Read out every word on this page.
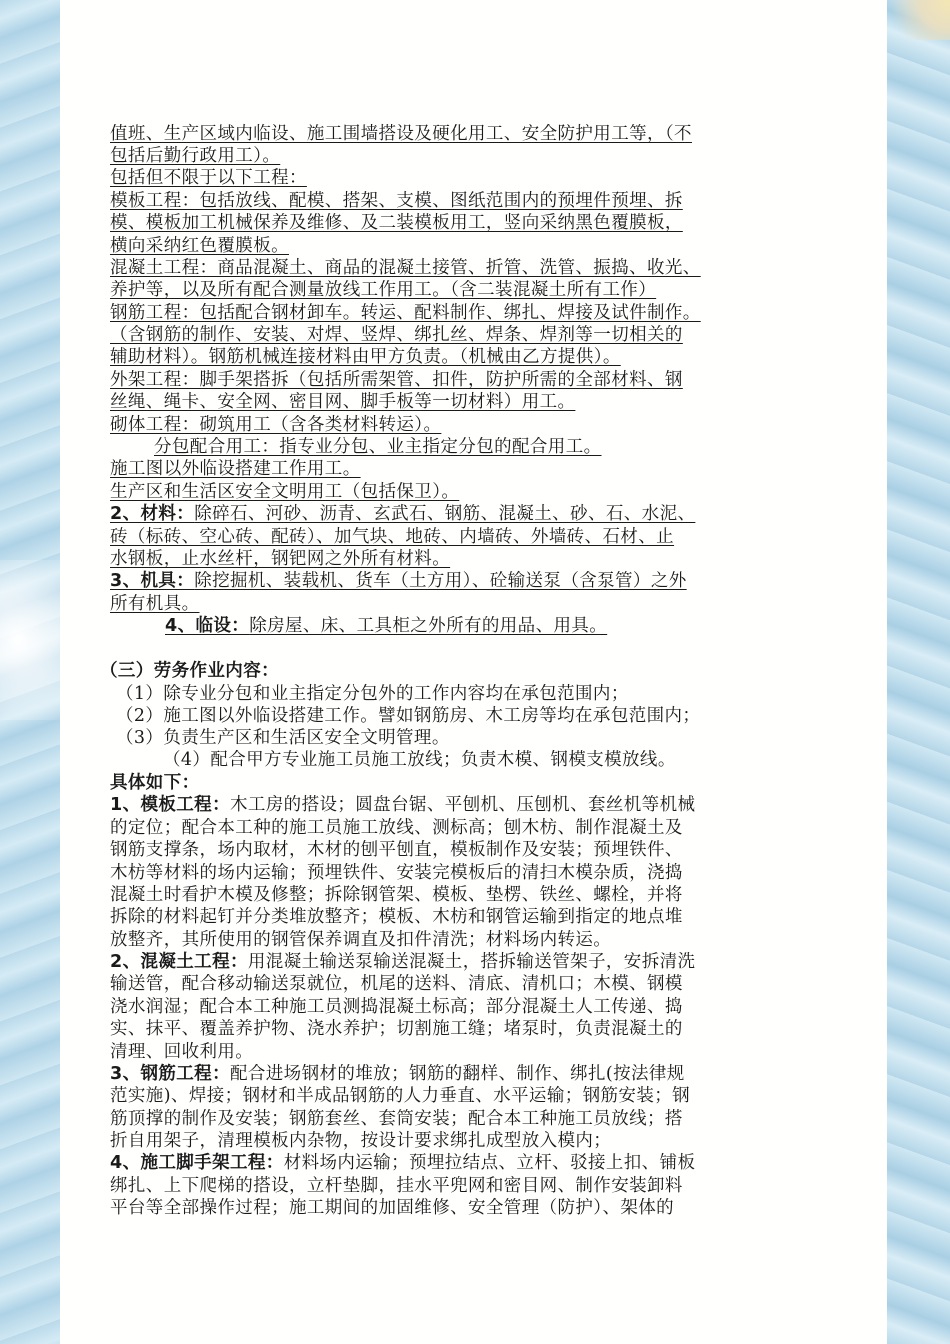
值班、生产区域内临设、施工围墙搭设及硬化用工、安全防护用工等，（不
包括后勤行政用工）。
包括但不限于以下工程：
模板工程：包括放线、配模、搭架、支模、图纸范围内的预埋件预埋、拆
模、模板加工机械保养及维修、及二装模板用工，竖向采纳黑色覆膜板，
横向采纳红色覆膜板。
混凝土工程：商品混凝土、商品的混凝土接管、折管、洗管、振捣、收光、
养护等，以及所有配合测量放线工作用工。（含二装混凝土所有工作）
钢筋工程：包括配合钢材卸车。转运、配料制作、绑扎、焊接及试件制作。
（含钢筋的制作、安装、对焊、竖焊、绑扎丝、焊条、焊剂等一切相关的
辅助材料）。钢筋机械连接材料由甲方负责。（机械由乙方提供）。
外架工程：脚手架搭拆（包括所需架管、扣件，防护所需的全部材料、钢
丝绳、绳卡、安全网、密目网、脚手板等一切材料）用工。
砌体工程：砌筑用工（含各类材料转运）。
分包配合用工：指专业分包、业主指定分包的配合用工。
施工图以外临设搭建工作用工。
生产区和生活区安全文明用工（包括保卫）。
2、材料：除碎石、河砂、沥青、玄武石、钢筋、混凝土、砂、石、水泥、
砖（标砖、空心砖、配砖）、加气块、地砖、内墙砖、外墙砖、石材、止
水钢板，止水丝杆，钢钯网之外所有材料。
3、机具：除挖掘机、装载机、货车（土方用）、砼输送泵（含泵管）之外
所有机具。
4、临设：除房屋、床、工具柜之外所有的用品、用具。
（三）劳务作业内容：
（1）除专业分包和业主指定分包外的工作内容均在承包范围内；
（2）施工图以外临设搭建工作。譬如钢筋房、木工房等均在承包范围内；
（3）负责生产区和生活区安全文明管理。
（4）配合甲方专业施工员施工放线；负责木模、钢模支模放线。
具体如下：
1、模板工程：木工房的搭设；圆盘台锯、平刨机、压刨机、套丝机等机械
的定位；配合本工种的施工员施工放线、测标高；刨木枋、制作混凝土及
钢筋支撑条，场内取材，木材的刨平刨直，模板制作及安装；预埋铁件、
木枋等材料的场内运输；预埋铁件、安装完模板后的清扫木模杂质，浇捣
混凝土时看护木模及修整；拆除钢管架、模板、垫楞、铁丝、螺栓，并将
拆除的材料起钉并分类堆放整齐；模板、木枋和钢管运输到指定的地点堆
放整齐，其所使用的钢管保养调直及扣件清洗；材料场内转运。
2、混凝土工程：用混凝土输送泵输送混凝土，搭拆输送管架子，安拆清洗
输送管，配合移动输送泵就位，机尾的送料、清底、清机口；木模、钢模
浇水润湿；配合本工种施工员测捣混凝土标高；部分混凝土人工传递、捣
实、抹平、覆盖养护物、浇水养护；切割施工缝；堵泵时，负责混凝土的
清理、回收利用。
3、钢筋工程：配合进场钢材的堆放；钢筋的翻样、制作、绑扎(按法律规
范实施)、焊接；钢材和半成品钢筋的人力垂直、水平运输；钢筋安装；钢
筋顶撑的制作及安装；钢筋套丝、套筒安装；配合本工种施工员放线；搭
折自用架子，清理模板内杂物，按设计要求绑扎成型放入模内；
4、施工脚手架工程：材料场内运输；预埋拉结点、立杆、驳接上扣、铺板
绑扎、上下爬梯的搭设，立杆垫脚，挂水平兜网和密目网、制作安装卸料
平台等全部操作过程；施工期间的加固维修、安全管理（防护）、架体的
